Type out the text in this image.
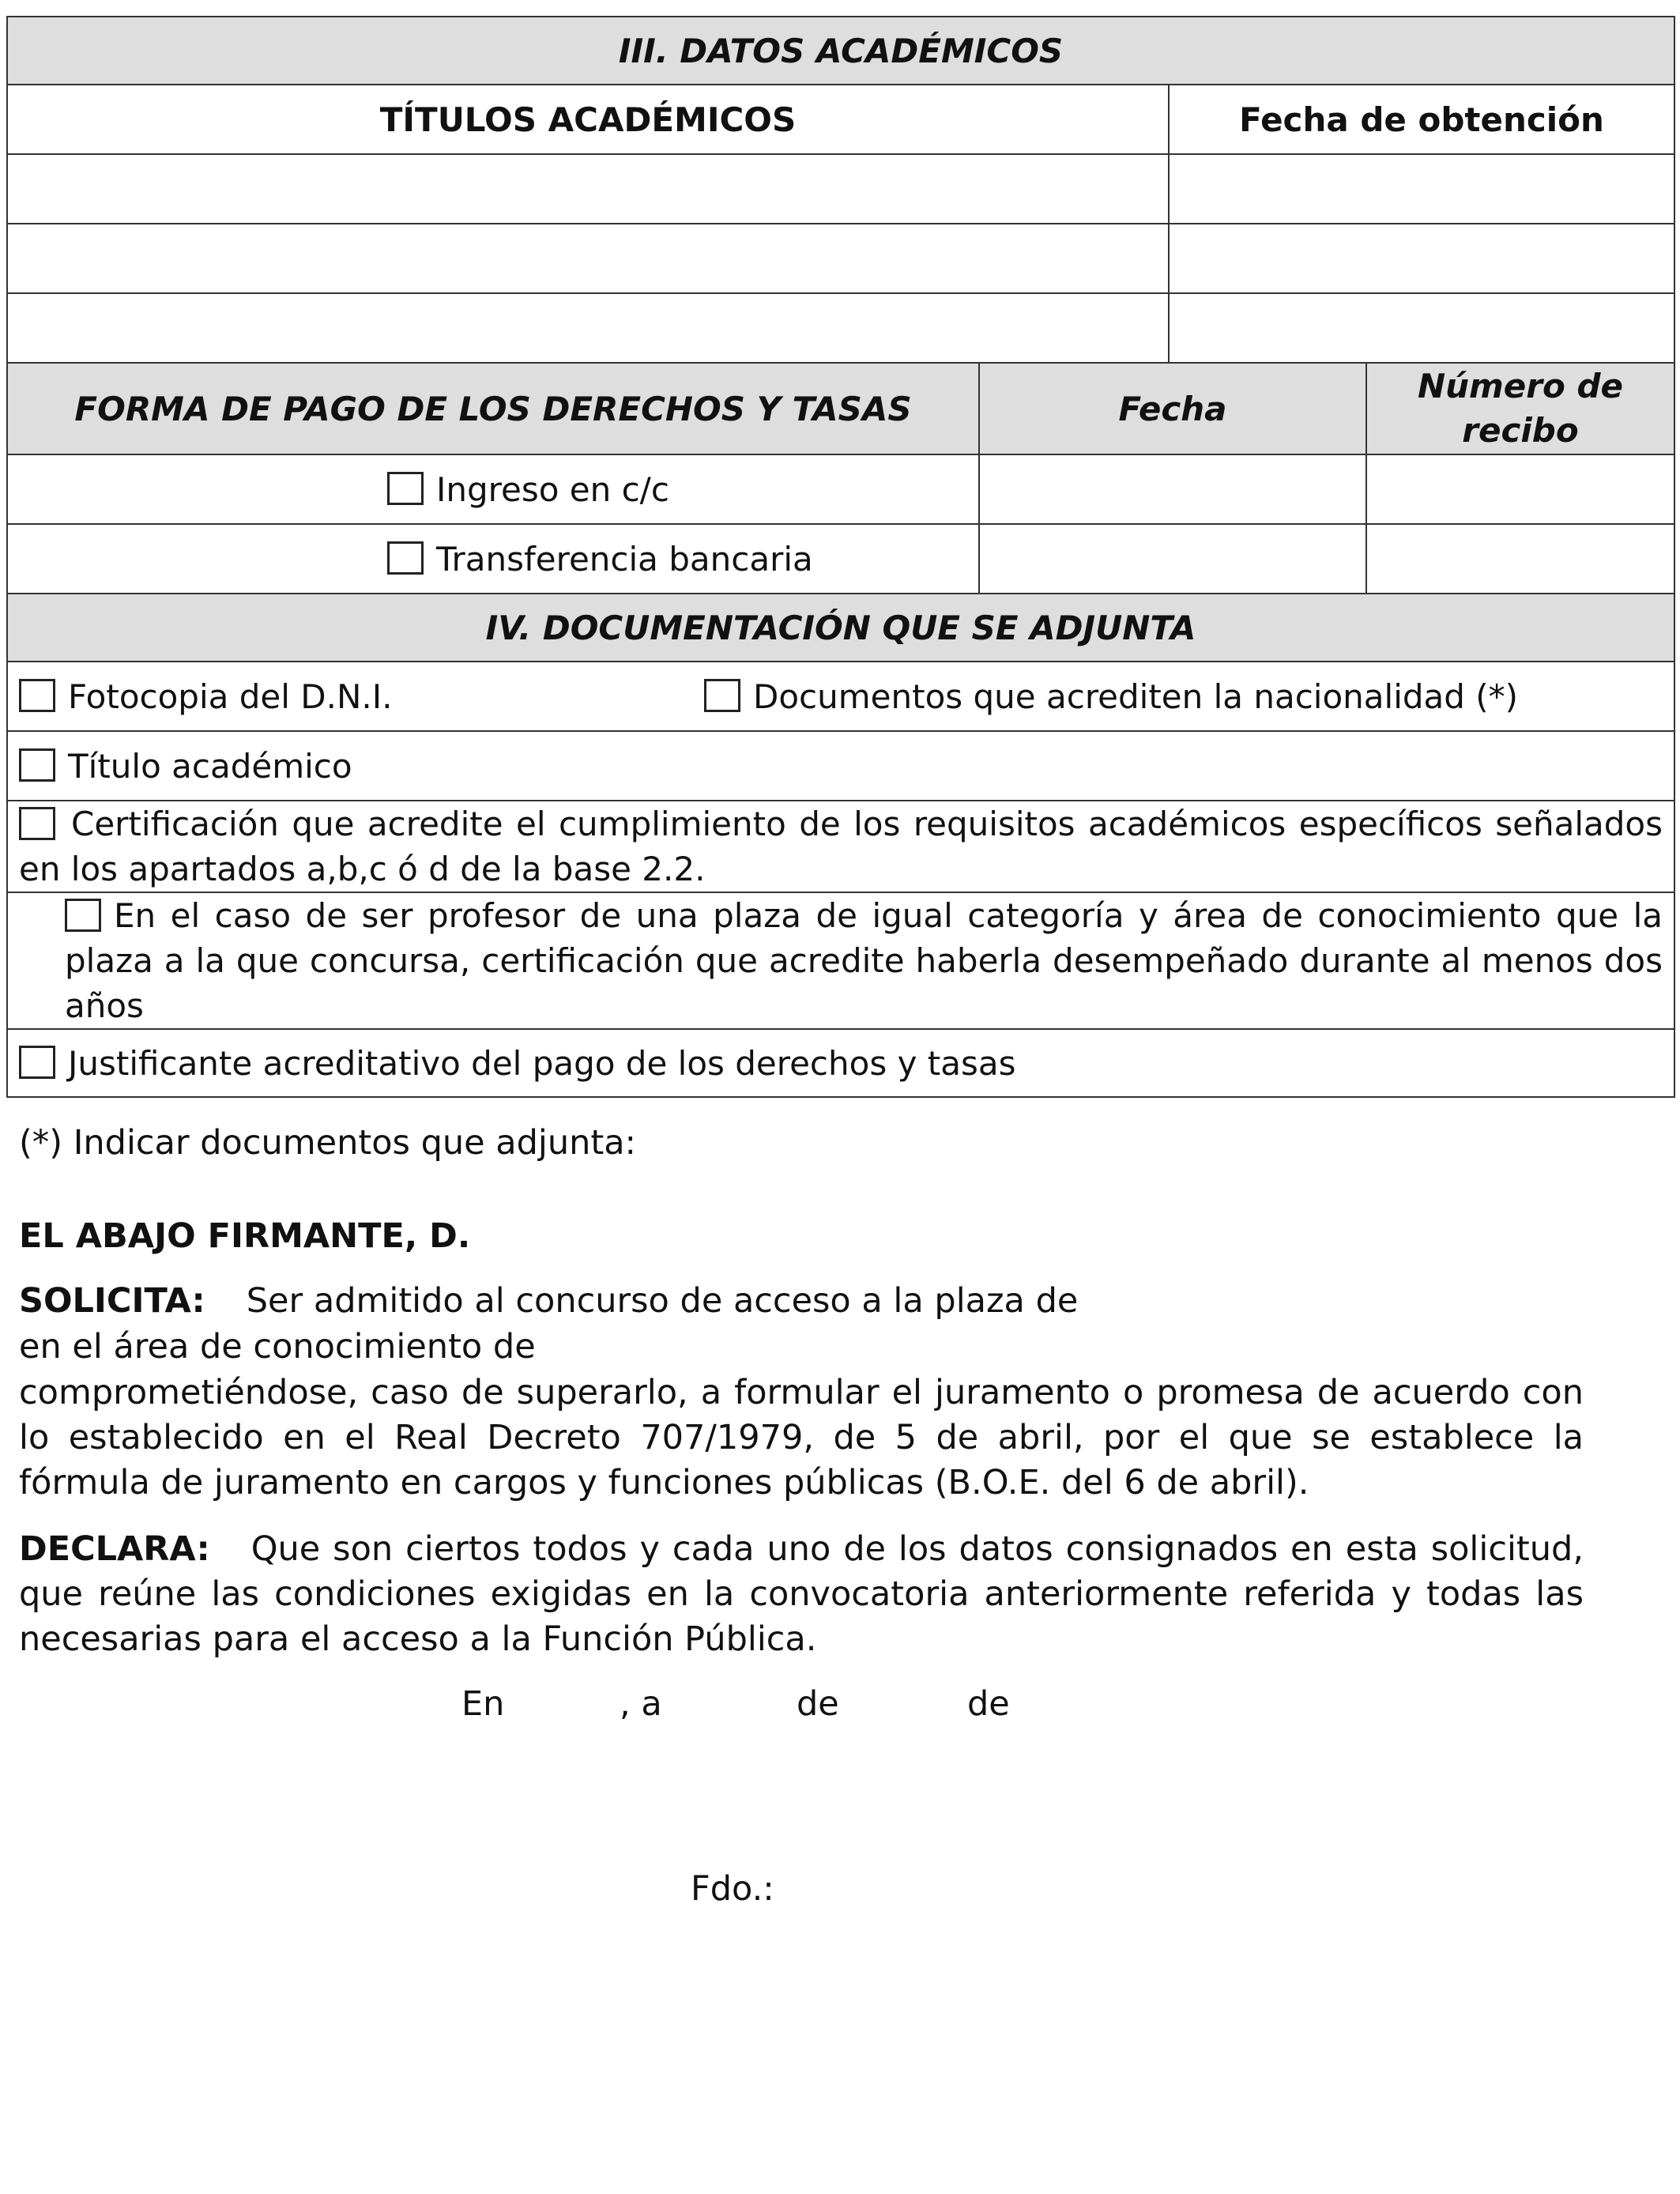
III. DATOS ACADÉMICOS	
TÍTULOS ACADÉMICOS	Fecha de obtención

FORMA DE PAGO DE LOS DERECHOS Y TASAS	Fecha	Número de recibo
Ingreso en c/c		
Transferencia bancaria		
IV. DOCUMENTACIÓN QUE SE ADJUNTA
Fotocopia del D.N.I.	Documentos que acrediten la nacionalidad (*)
Título académico
Certificación que acredite el cumplimiento de los requisitos académicos específicos señalados en los apartados a,b,c ó d de la base 2.2.
En el caso de ser profesor de una plaza de igual categoría y área de conocimiento que la plaza a la que concursa, certificación que acredite haberla desempeñado durante al menos dos años
Justificante acreditativo del pago de los derechos y tasas
(*) Indicar documentos que adjunta:
EL ABAJO FIRMANTE, D.
SOLICITA: Ser admitido al concurso de acceso a la plaza de
en el área de conocimiento de
comprometiéndose, caso de superarlo, a formular el juramento o promesa de acuerdo con lo establecido en el Real Decreto 707/1979, de 5 de abril, por el que se establece la fórmula de juramento en cargos y funciones públicas (B.O.E. del 6 de abril).
DECLARA: Que son ciertos todos y cada uno de los datos consignados en esta solicitud, que reúne las condiciones exigidas en la convocatoria anteriormente referida y todas las necesarias para el acceso a la Función Pública.
En	, a	de	de
Fdo.:
